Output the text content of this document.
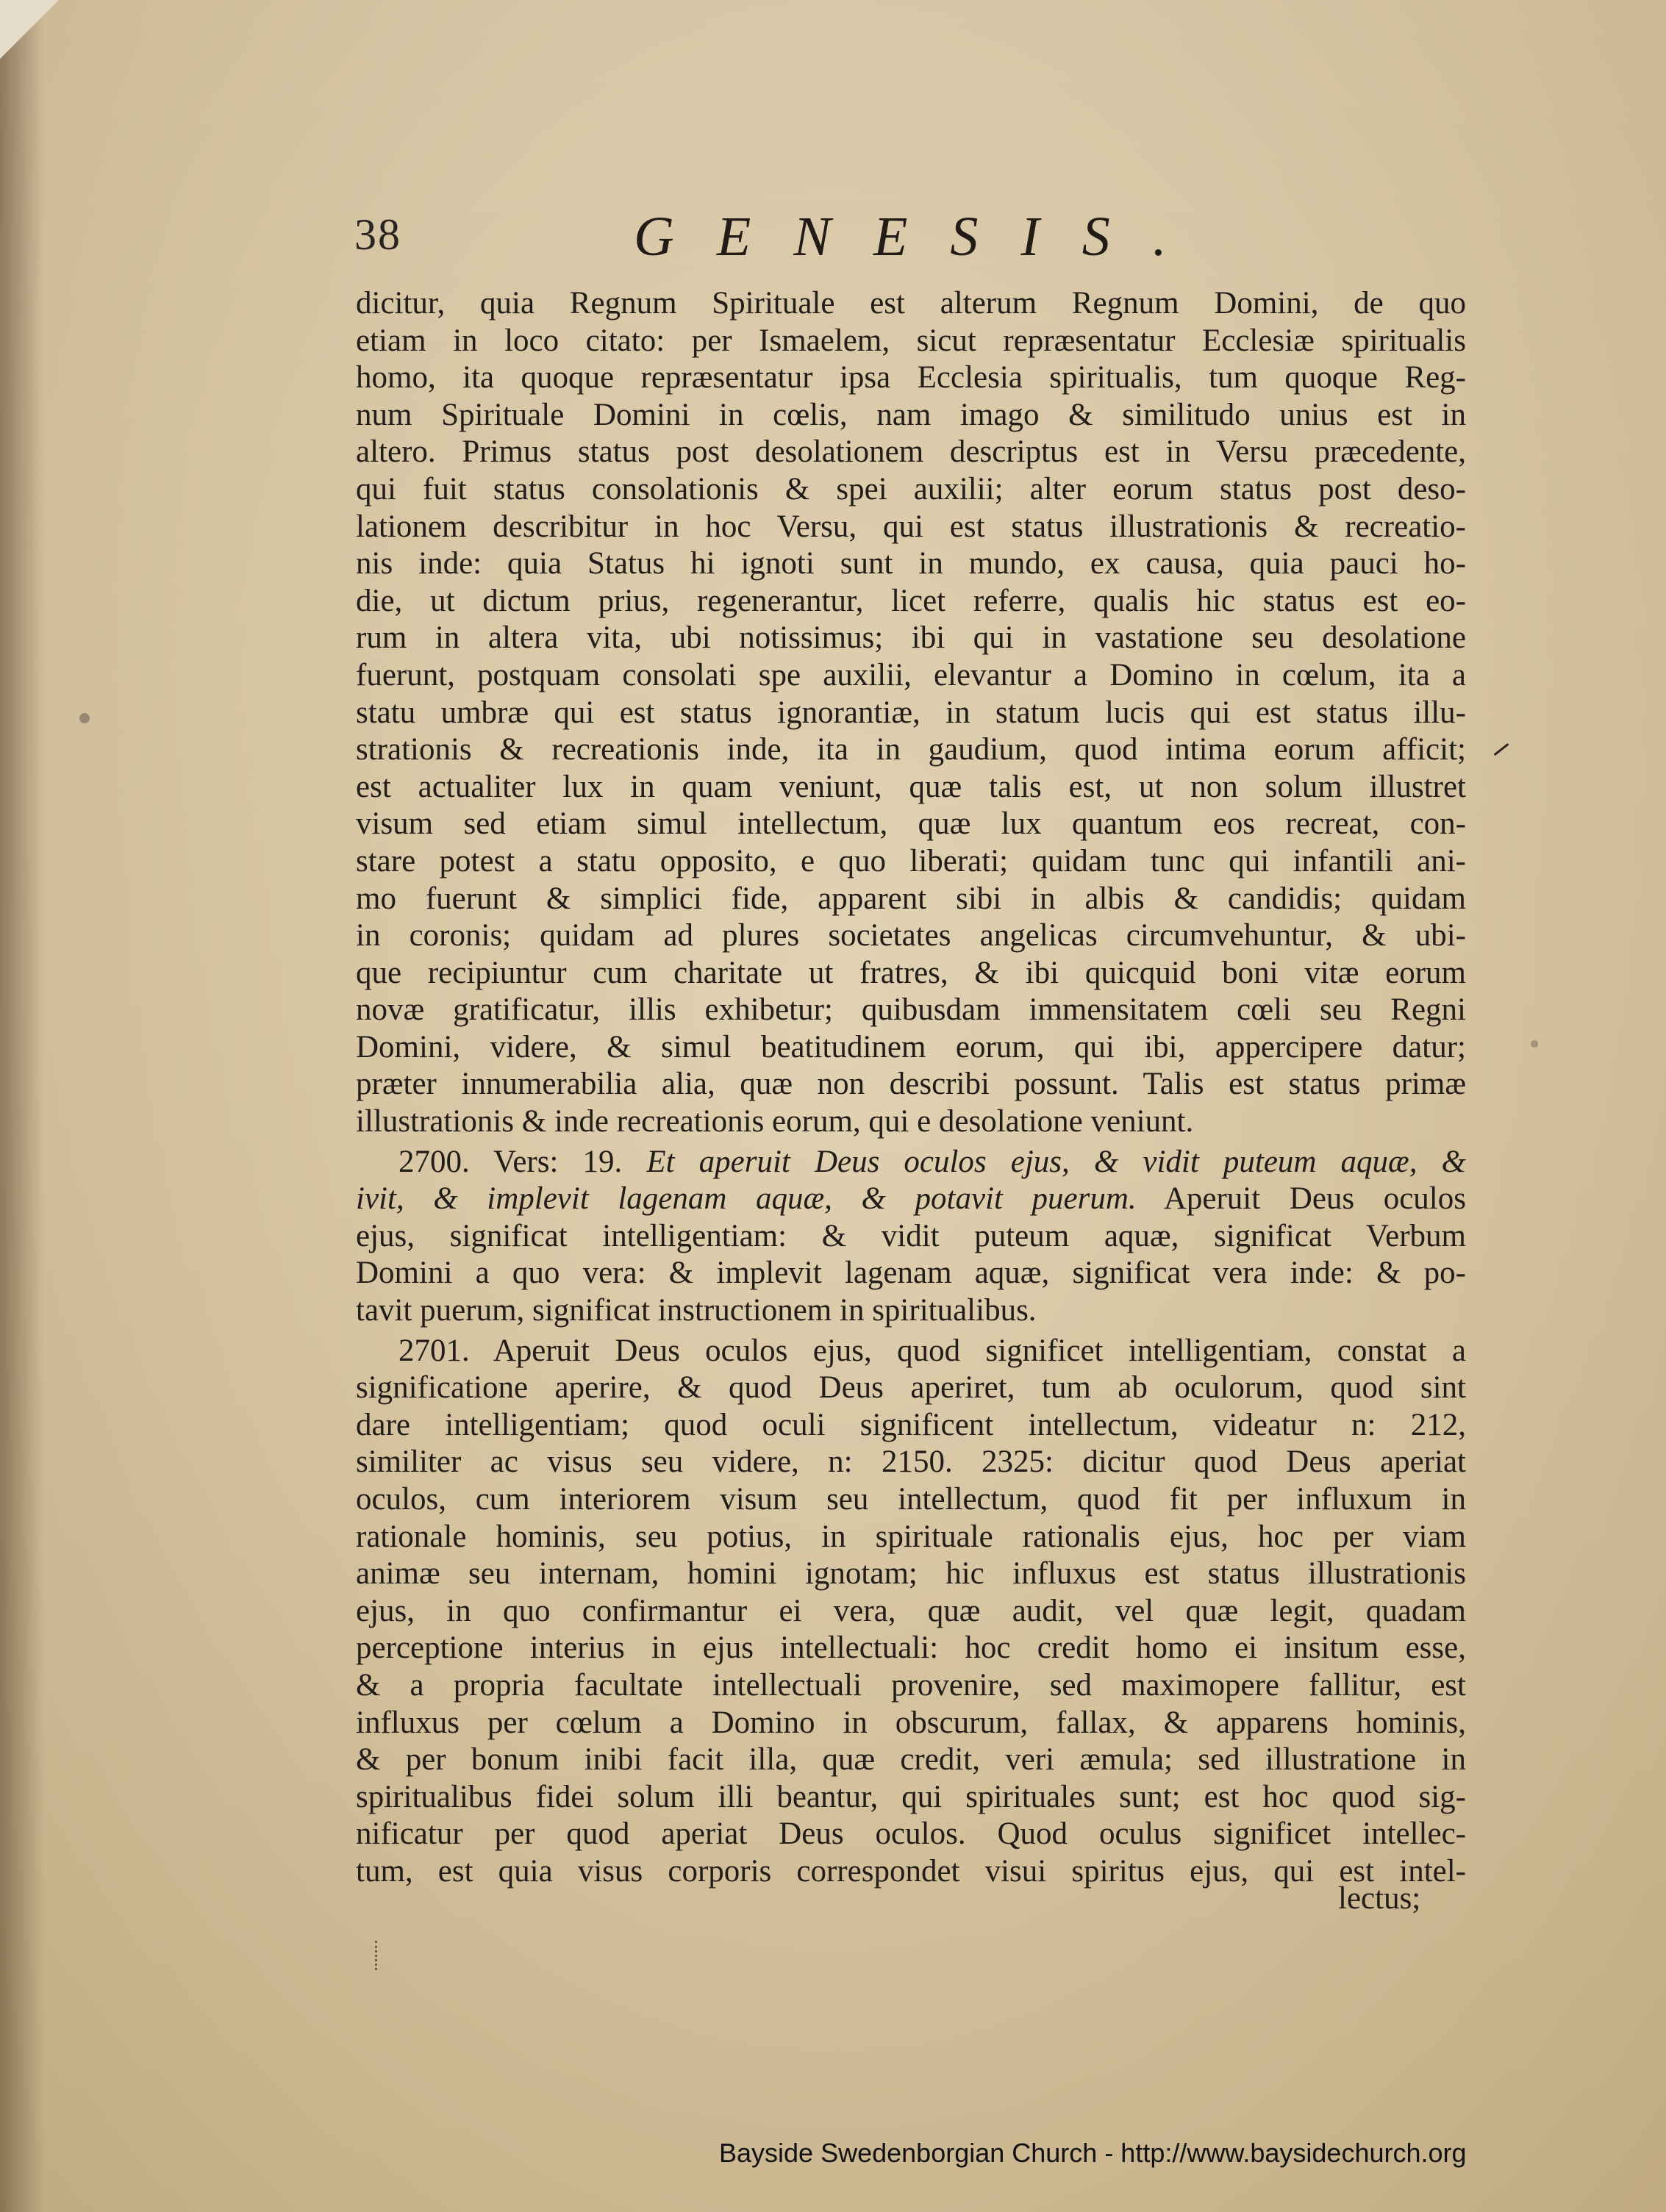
38	GENESIS.
dicitur, quia Regnum Spirituale est alterum Regnum Domini, de quo
etiam in loco citato: per Ismaelem, sicut repræsentatur Ecclesiæ spiritualis
homo, ita quoque repræsentatur ipsa Ecclesia spiritualis, tum quoque Reg-
num Spirituale Domini in cœlis, nam imago & similitudo unius est in
altero. Primus status post desolationem descriptus est in Versu præcedente,
qui fuit status consolationis & spei auxilii; alter eorum status post deso-
lationem describitur in hoc Versu, qui est status illustrationis & recreatio-
nis inde: quia Status hi ignoti sunt in mundo, ex causa, quia pauci ho-
die, ut dictum prius, regenerantur, licet referre, qualis hic status est eo-
rum in altera vita, ubi notissimus; ibi qui in vastatione seu desolatione
fuerunt, postquam consolati spe auxilii, elevantur a Domino in cœlum, ita a
statu umbræ qui est status ignorantiæ, in statum lucis qui est status illu-
strationis & recreationis inde, ita in gaudium, quod intima eorum afficit;
est actualiter lux in quam veniunt, quæ talis est, ut non solum illustret
visum sed etiam simul intellectum, quæ lux quantum eos recreat, con-
stare potest a statu opposito, e quo liberati; quidam tunc qui infantili ani-
mo fuerunt & simplici fide, apparent sibi in albis & candidis; quidam
in coronis; quidam ad plures societates angelicas circumvehuntur, & ubi-
que recipiuntur cum charitate ut fratres, & ibi quicquid boni vitæ eorum
novæ gratificatur, illis exhibetur; quibusdam immensitatem cœli seu Regni
Domini, videre, & simul beatitudinem eorum, qui ibi, appercipere datur;
præter innumerabilia alia, quæ non describi possunt. Talis est status primæ
illustrationis & inde recreationis eorum, qui e desolatione veniunt.
2700. Vers: 19. Et aperuit Deus oculos ejus, & vidit puteum aquæ, &
ivit, & implevit lagenam aquæ, & potavit puerum. Aperuit Deus oculos
ejus, significat intelligentiam: & vidit puteum aquæ, significat Verbum
Domini a quo vera: & implevit lagenam aquæ, significat vera inde: & po-
tavit puerum, significat instructionem in spiritualibus.
2701. Aperuit Deus oculos ejus, quod significet intelligentiam, constat a
significatione aperire, & quod Deus aperiret, tum ab oculorum, quod sint
dare intelligentiam; quod oculi significent intellectum, videatur n: 212,
similiter ac visus seu videre, n: 2150. 2325: dicitur quod Deus aperiat
oculos, cum interiorem visum seu intellectum, quod fit per influxum in
rationale hominis, seu potius, in spirituale rationalis ejus, hoc per viam
animæ seu internam, homini ignotam; hic influxus est status illustrationis
ejus, in quo confirmantur ei vera, quæ audit, vel quæ legit, quadam
perceptione interius in ejus intellectuali: hoc credit homo ei insitum esse,
& a propria facultate intellectuali provenire, sed maximopere fallitur, est
influxus per cœlum a Domino in obscurum, fallax, & apparens hominis,
& per bonum inibi facit illa, quæ credit, veri æmula; sed illustratione in
spiritualibus fidei solum illi beantur, qui spirituales sunt; est hoc quod sig-
nificatur per quod aperiat Deus oculos. Quod oculus significet intellec-
tum, est quia visus corporis correspondet visui spiritus ejus, qui est intel-
lectus;
Bayside Swedenborgian Church - http://www.baysidechurch.org
